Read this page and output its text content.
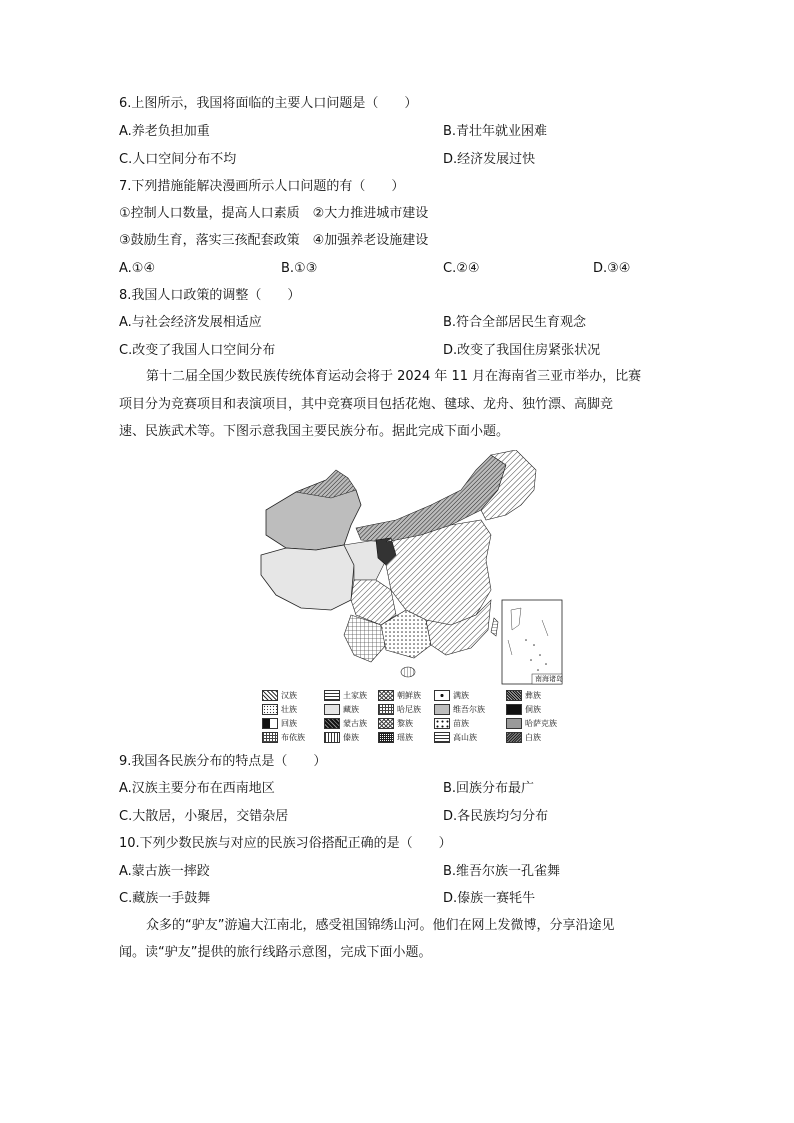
6.上图所示，我国将面临的主要人口问题是（　　）
A.养老负担加重	B.青壮年就业困难
C.人口空间分布不均	D.经济发展过快
7.下列措施能解决漫画所示人口问题的有（　　）
①控制人口数量，提高人口素质　②大力推进城市建设
③鼓励生育，落实三孩配套政策　④加强养老设施建设
A.①④	B.①③	C.②④	D.③④
8.我国人口政策的调整（　　）
A.与社会经济发展相适应	B.符合全部居民生育观念
C.改变了我国人口空间分布	D.改变了我国住房紧张状况
第十二届全国少数民族传统体育运动会将于 2024 年 11 月在海南省三亚市举办，比赛
项目分为竞赛项目和表演项目，其中竞赛项目包括花炮、毽球、龙舟、独竹漂、高脚竞
速、民族武术等。下图示意我国主要民族分布。据此完成下面小题。
南海诸岛
汉族	土家族	朝鲜族	满族	彝族
壮族	藏族	哈尼族	维吾尔族	侗族
回族	蒙古族	黎族	苗族	哈萨克族
布依族	傣族	瑶族	高山族	白族
9.我国各民族分布的特点是（　　）
A.汉族主要分布在西南地区	B.回族分布最广
C.大散居，小聚居，交错杂居	D.各民族均匀分布
10.下列少数民族与对应的民族习俗搭配正确的是（　　）
A.蒙古族一摔跤	B.维吾尔族一孔雀舞
C.藏族一手鼓舞	D.傣族一赛牦牛
众多的“驴友”游遍大江南北，感受祖国锦绣山河。他们在网上发微博，分享沿途见
闻。读“驴友”提供的旅行线路示意图，完成下面小题。
